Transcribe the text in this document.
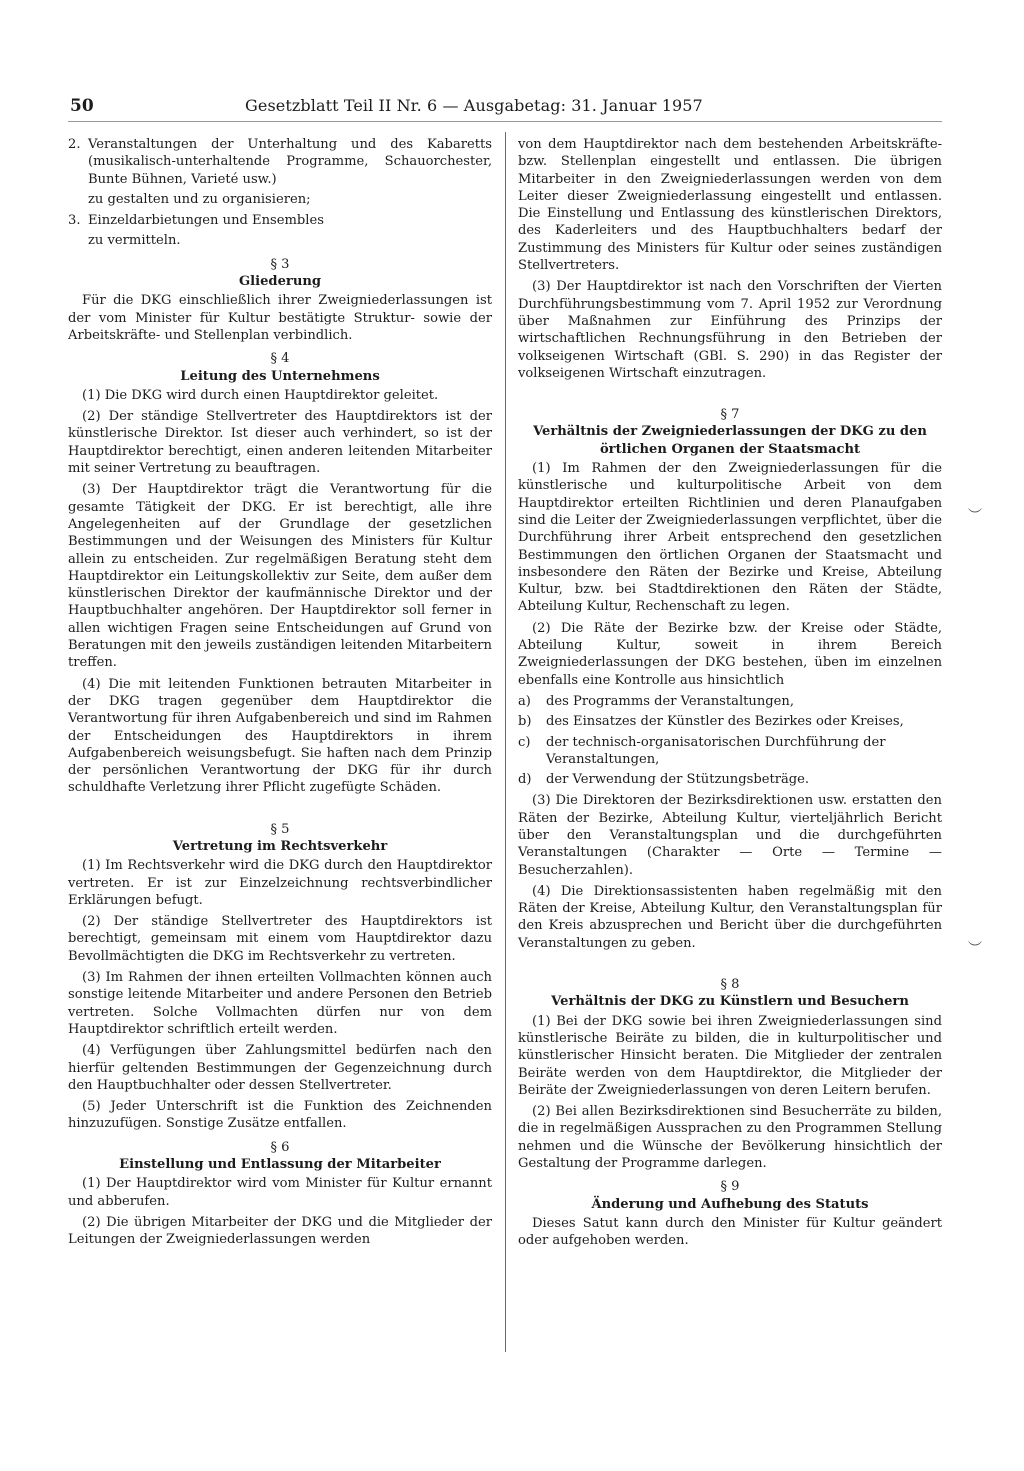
50	Gesetzblatt Teil II Nr. 6 — Ausgabetag: 31. Januar 1957
2. Veranstaltungen der Unterhaltung und des Kabaretts (musikalisch-unterhaltende Programme, Schauorchester, Bunte Bühnen, Varieté usw.)

zu gestalten und zu organisieren;

3. Einzeldarbietungen und Ensembles

zu vermitteln.

§ 3
Gliederung

Für die DKG einschließlich ihrer Zweigniederlassungen ist der vom Minister für Kultur bestätigte Struktur- sowie der Arbeitskräfte- und Stellenplan verbindlich.

§ 4
Leitung des Unternehmens

(1) Die DKG wird durch einen Hauptdirektor geleitet.

(2) Der ständige Stellvertreter des Hauptdirektors ist der künstlerische Direktor. Ist dieser auch verhindert, so ist der Hauptdirektor berechtigt, einen anderen leitenden Mitarbeiter mit seiner Vertretung zu beauftragen.

(3) Der Hauptdirektor trägt die Verantwortung für die gesamte Tätigkeit der DKG. Er ist berechtigt, alle ihre Angelegenheiten auf der Grundlage der gesetzlichen Bestimmungen und der Weisungen des Ministers für Kultur allein zu entscheiden. Zur regelmäßigen Beratung steht dem Hauptdirektor ein Leitungskollektiv zur Seite, dem außer dem künstlerischen Direktor der kaufmännische Direktor und der Hauptbuchhalter angehören. Der Hauptdirektor soll ferner in allen wichtigen Fragen seine Entscheidungen auf Grund von Beratungen mit den jeweils zuständigen leitenden Mitarbeitern treffen.

(4) Die mit leitenden Funktionen betrauten Mitarbeiter in der DKG tragen gegenüber dem Hauptdirektor die Verantwortung für ihren Aufgabenbereich und sind im Rahmen der Entscheidungen des Hauptdirektors in ihrem Aufgabenbereich weisungsbefugt. Sie haften nach dem Prinzip der persönlichen Verantwortung der DKG für ihr durch schuldhafte Verletzung ihrer Pflicht zugefügte Schäden.

§ 5
Vertretung im Rechtsverkehr

(1) Im Rechtsverkehr wird die DKG durch den Hauptdirektor vertreten. Er ist zur Einzelzeichnung rechtsverbindlicher Erklärungen befugt.

(2) Der ständige Stellvertreter des Hauptdirektors ist berechtigt, gemeinsam mit einem vom Hauptdirektor dazu Bevollmächtigten die DKG im Rechtsverkehr zu vertreten.

(3) Im Rahmen der ihnen erteilten Vollmachten können auch sonstige leitende Mitarbeiter und andere Personen den Betrieb vertreten. Solche Vollmachten dürfen nur von dem Hauptdirektor schriftlich erteilt werden.

(4) Verfügungen über Zahlungsmittel bedürfen nach den hierfür geltenden Bestimmungen der Gegenzeichnung durch den Hauptbuchhalter oder dessen Stellvertreter.

(5) Jeder Unterschrift ist die Funktion des Zeichnenden hinzuzufügen. Sonstige Zusätze entfallen.

§ 6
Einstellung und Entlassung der Mitarbeiter

(1) Der Hauptdirektor wird vom Minister für Kultur ernannt und abberufen.

(2) Die übrigen Mitarbeiter der DKG und die Mitglieder der Leitungen der Zweigniederlassungen werden

von dem Hauptdirektor nach dem bestehenden Arbeitskräfte- bzw. Stellenplan eingestellt und entlassen. Die übrigen Mitarbeiter in den Zweigniederlassungen werden von dem Leiter dieser Zweigniederlassung eingestellt und entlassen. Die Einstellung und Entlassung des künstlerischen Direktors, des Kaderleiters und des Hauptbuchhalters bedarf der Zustimmung des Ministers für Kultur oder seines zuständigen Stellvertreters.

(3) Der Hauptdirektor ist nach den Vorschriften der Vierten Durchführungsbestimmung vom 7. April 1952 zur Verordnung über Maßnahmen zur Einführung des Prinzips der wirtschaftlichen Rechnungsführung in den Betrieben der volkseigenen Wirtschaft (GBl. S. 290) in das Register der volkseigenen Wirtschaft einzutragen.

§ 7
Verhältnis der Zweigniederlassungen der DKG zu den örtlichen Organen der Staatsmacht

(1) Im Rahmen der den Zweigniederlassungen für die künstlerische und kulturpolitische Arbeit von dem Hauptdirektor erteilten Richtlinien und deren Planaufgaben sind die Leiter der Zweigniederlassungen verpflichtet, über die Durchführung ihrer Arbeit entsprechend den gesetzlichen Bestimmungen den örtlichen Organen der Staatsmacht und insbesondere den Räten der Bezirke und Kreise, Abteilung Kultur, bzw. bei Stadtdirektionen den Räten der Städte, Abteilung Kultur, Rechenschaft zu legen.

(2) Die Räte der Bezirke bzw. der Kreise oder Städte, Abteilung Kultur, soweit in ihrem Bereich Zweigniederlassungen der DKG bestehen, üben im einzelnen ebenfalls eine Kontrolle aus hinsichtlich

a)	des Programms der Veranstaltungen,
b)	des Einsatzes der Künstler des Bezirkes oder Kreises,
c)	der technisch-organisatorischen Durchführung der Veranstaltungen,
d)	der Verwendung der Stützungsbeträge.

(3) Die Direktoren der Bezirksdirektionen usw. erstatten den Räten der Bezirke, Abteilung Kultur, vierteljährlich Bericht über den Veranstaltungsplan und die durchgeführten Veranstaltungen (Charakter — Orte — Termine — Besucherzahlen).

(4) Die Direktionsassistenten haben regelmäßig mit den Räten der Kreise, Abteilung Kultur, den Veranstaltungsplan für den Kreis abzusprechen und Bericht über die durchgeführten Veranstaltungen zu geben.

§ 8
Verhältnis der DKG zu Künstlern und Besuchern

(1) Bei der DKG sowie bei ihren Zweigniederlassungen sind künstlerische Beiräte zu bilden, die in kulturpolitischer und künstlerischer Hinsicht beraten. Die Mitglieder der zentralen Beiräte werden von dem Hauptdirektor, die Mitglieder der Beiräte der Zweigniederlassungen von deren Leitern berufen.

(2) Bei allen Bezirksdirektionen sind Besucherräte zu bilden, die in regelmäßigen Aussprachen zu den Programmen Stellung nehmen und die Wünsche der Bevölkerung hinsichtlich der Gestaltung der Programme darlegen.

§ 9
Änderung und Aufhebung des Statuts

Dieses Satut kann durch den Minister für Kultur geändert oder aufgehoben werden.

︶
︶
